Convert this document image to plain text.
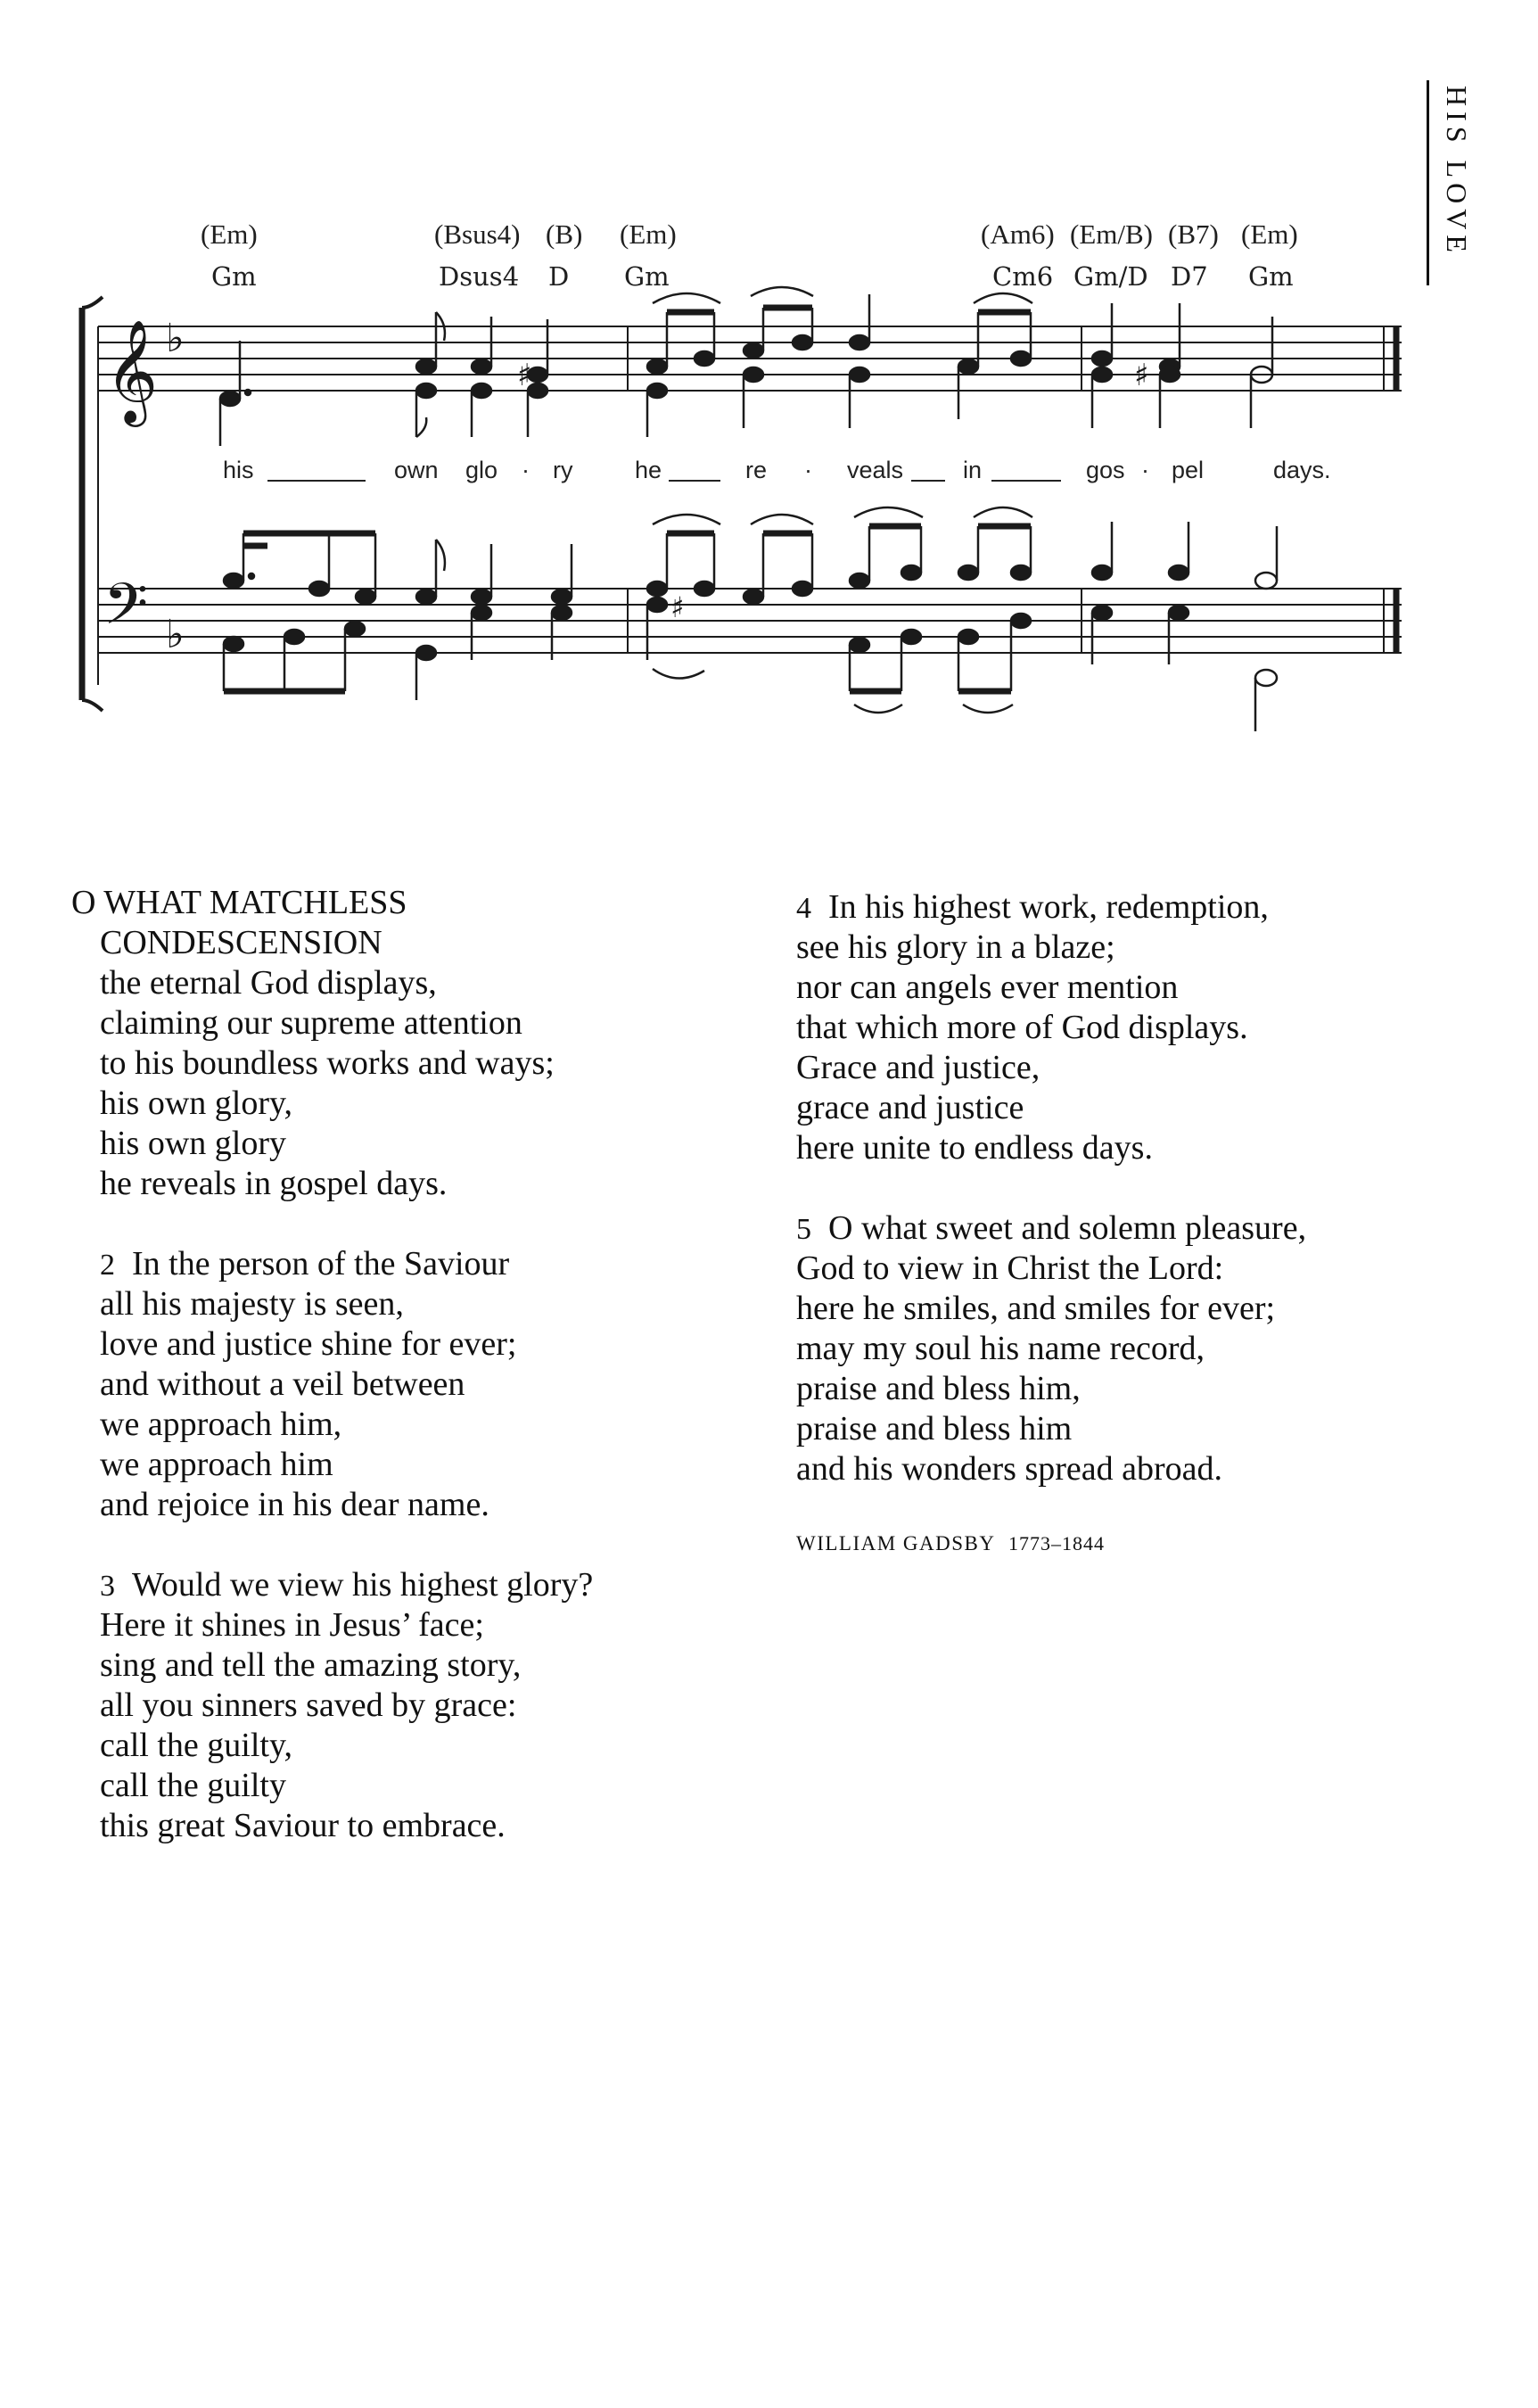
HIS LOVE
(Em)	(Bsus4) (B) (Em)	(Am6) (Em/B) (B7) (Em)
Gm	Dsus4 D Gm	Cm6 Gm/D D7 Gm
𝄞 ♭
𝄢 ♭
♯	♯
♯
his	own glo · ry	he	re · veals in	gos · pel	days.
O WHAT MATCHLESS
CONDESCENSION
the eternal God displays,
claiming our supreme attention
to his boundless works and ways;
his own glory,
his own glory
he reveals in gospel days.
2 In the person of the Saviour
all his majesty is seen,
love and justice shine for ever;
and without a veil between
we approach him,
we approach him
and rejoice in his dear name.
3 Would we view his highest glory?
Here it shines in Jesus’ face;
sing and tell the amazing story,
all you sinners saved by grace:
call the guilty,
call the guilty
this great Saviour to embrace.
4 In his highest work, redemption,
see his glory in a blaze;
nor can angels ever mention
that which more of God displays.
Grace and justice,
grace and justice
here unite to endless days.
5 O what sweet and solemn pleasure,
God to view in Christ the Lord:
here he smiles, and smiles for ever;
may my soul his name record,
praise and bless him,
praise and bless him
and his wonders spread abroad.
WILLIAM GADSBY 1773–1844
